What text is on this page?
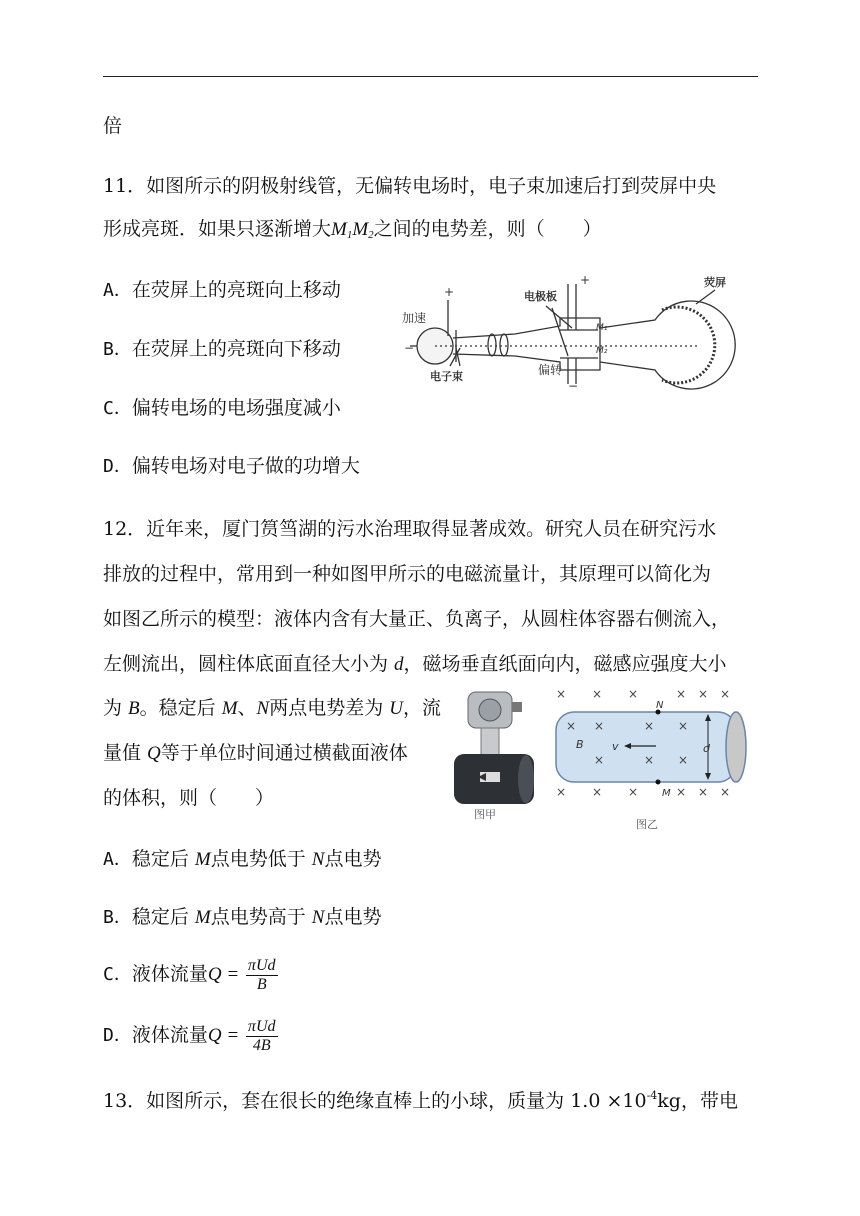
倍
11．如图所示的阴极射线管，无偏转电场时，电子束加速后打到荧屏中央
形成亮斑．如果只逐渐增大$M_1M_2$之间的电势差，则（　　）
A．在荧屏上的亮斑向上移动
B．在荧屏上的亮斑向下移动
C．偏转电场的电场强度减小
D．偏转电场对电子做的功增大
加速
+
−
电极板
+	荧屏
M₁
M₂
电子束	偏转
−
12．近年来，厦门筼筜湖的污水治理取得显著成效。研究人员在研究污水
排放的过程中，常用到一种如图甲所示的电磁流量计，其原理可以简化为
如图乙所示的模型：液体内含有大量正、负离子，从圆柱体容器右侧流入，
左侧流出，圆柱体底面直径大小为 d，磁场垂直纸面向内，磁感应强度大小
为 B。稳定后 M、N两点电势差为 U，流
量值 Q等于单位时间通过横截面液体
的体积，则（　　）
图甲
× × ×	× × ×
× × ×	× × ×
× ×	× ×
×	× ×
N
M
B	v	d
图乙
A．稳定后 M点电势低于 N点电势
B．稳定后 M点电势高于 N点电势
C．液体流量$Q = \frac{\text{πUd}}{B}$
D．液体流量$Q = \frac{\text{πUd}}{4B}$
13．如图所示，套在很长的绝缘直棒上的小球，质量为 $1.0 \times 10^{-4}kg$，带电
